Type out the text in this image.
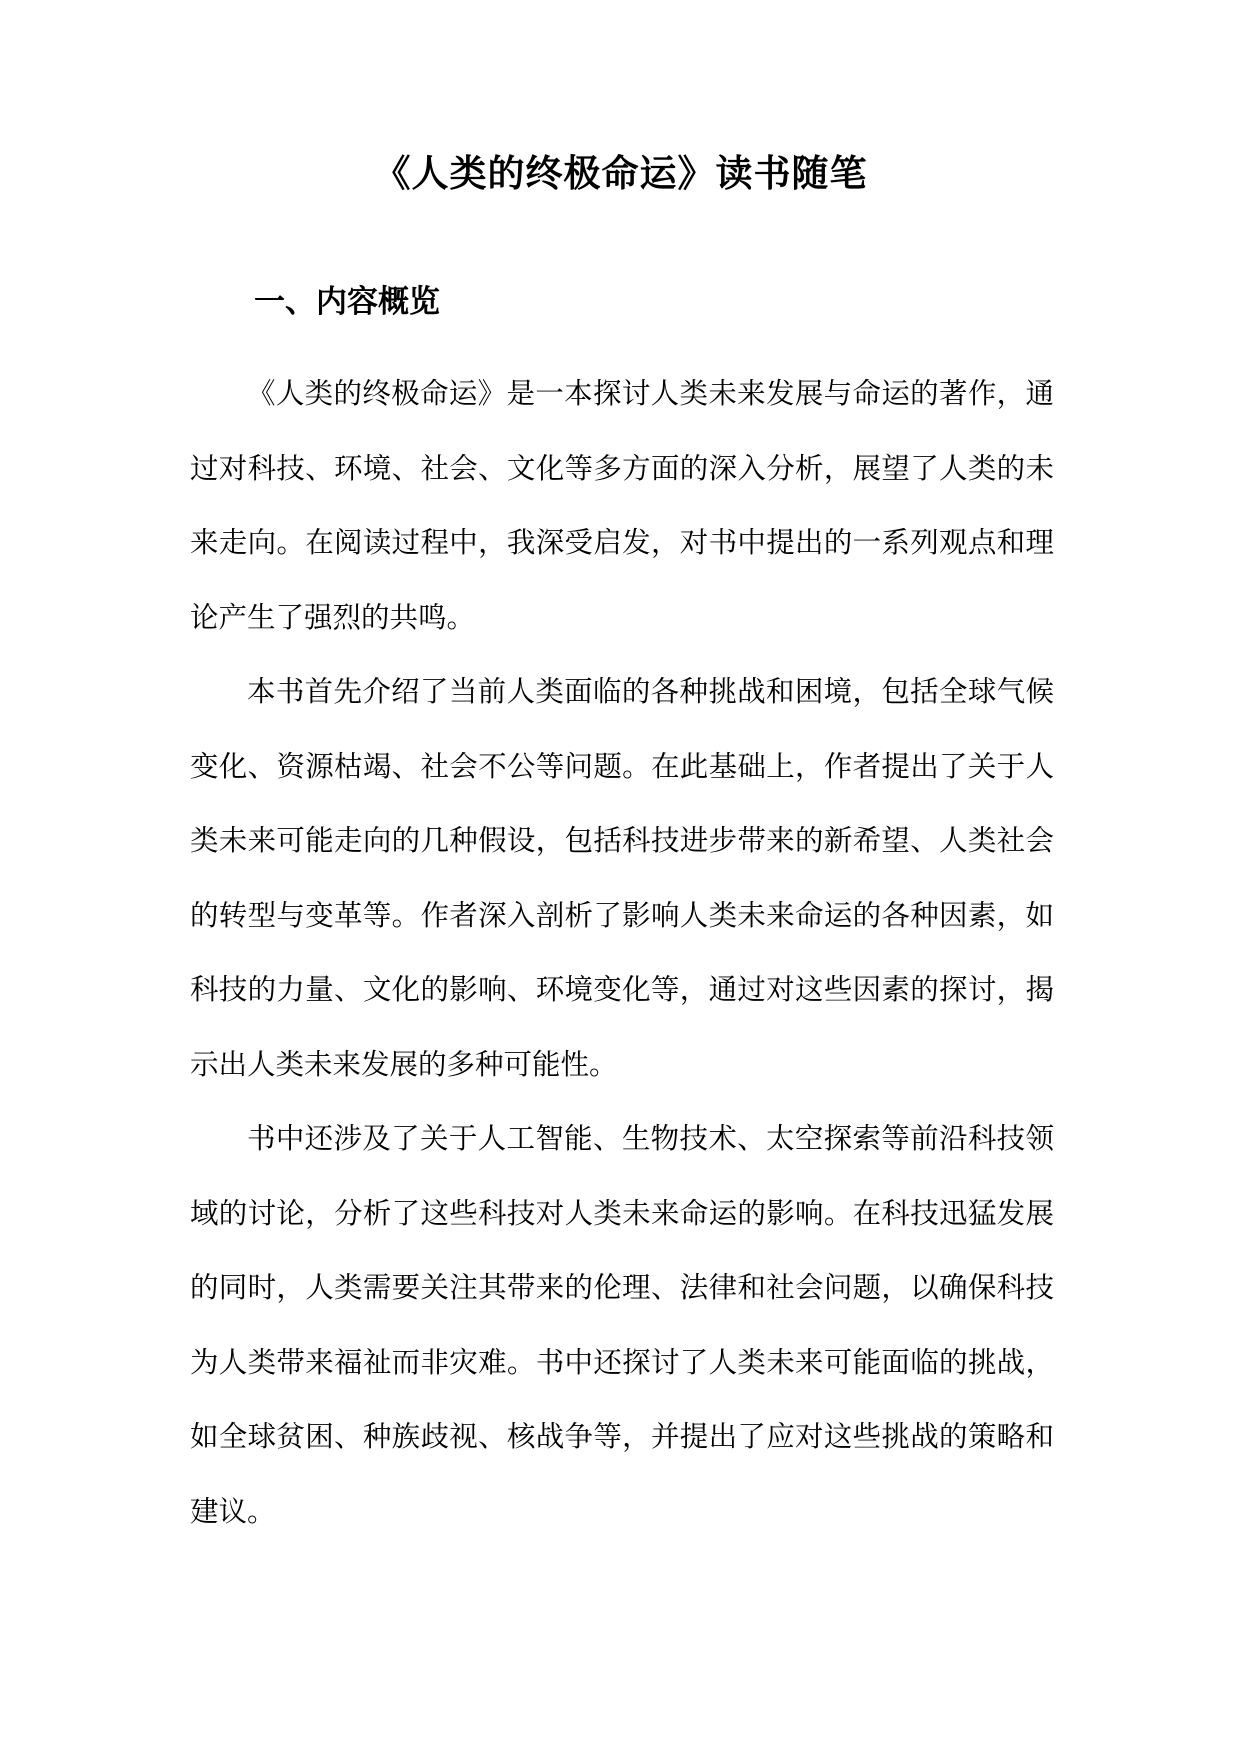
《人类的终极命运》读书随笔
一、内容概览

《人类的终极命运》是一本探讨人类未来发展与命运的著作，通过对科技、环境、社会、文化等多方面的深入分析，展望了人类的未来走向。在阅读过程中，我深受启发，对书中提出的一系列观点和理论产生了强烈的共鸣。

本书首先介绍了当前人类面临的各种挑战和困境，包括全球气候变化、资源枯竭、社会不公等问题。在此基础上，作者提出了关于人类未来可能走向的几种假设，包括科技进步带来的新希望、人类社会的转型与变革等。作者深入剖析了影响人类未来命运的各种因素，如科技的力量、文化的影响、环境变化等，通过对这些因素的探讨，揭示出人类未来发展的多种可能性。

书中还涉及了关于人工智能、生物技术、太空探索等前沿科技领域的讨论，分析了这些科技对人类未来命运的影响。在科技迅猛发展的同时，人类需要关注其带来的伦理、法律和社会问题，以确保科技为人类带来福祉而非灾难。书中还探讨了人类未来可能面临的挑战，如全球贫困、种族歧视、核战争等，并提出了应对这些挑战的策略和建议。
